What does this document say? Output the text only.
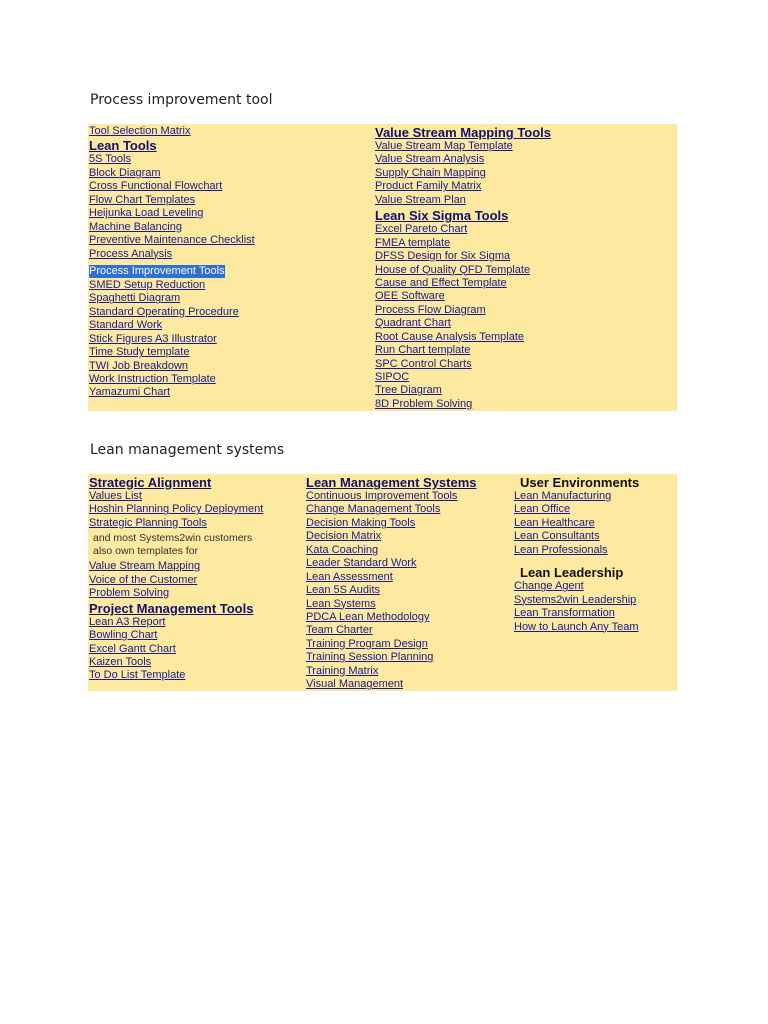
Process improvement tool
Tool Selection Matrix
Lean Tools
5S Tools
Block Diagram
Cross Functional Flowchart
Flow Chart Templates
Heijunka Load Leveling
Machine Balancing
Preventive Maintenance Checklist
Process Analysis
Process Improvement Tools
SMED Setup Reduction
Spaghetti Diagram
Standard Operating Procedure
Standard Work
Stick Figures A3 Illustrator
Time Study template
TWI Job Breakdown
Work Instruction Template
Yamazumi Chart
Value Stream Mapping Tools
Value Stream Map Template
Value Stream Analysis
Supply Chain Mapping
Product Family Matrix
Value Stream Plan
Lean Six Sigma Tools
Excel Pareto Chart
FMEA template
DFSS Design for Six Sigma
House of Quality QFD Template
Cause and Effect Template
OEE Software
Process Flow Diagram
Quadrant Chart
Root Cause Analysis Template
Run Chart template
SPC Control Charts
SIPOC
Tree Diagram
8D Problem Solving
Lean management systems
Strategic Alignment
Values List
Hoshin Planning Policy Deployment
Strategic Planning Tools
and most Systems2win customers
also own templates for
Value Stream Mapping
Voice of the Customer
Problem Solving
Project Management Tools
Lean A3 Report
Bowling Chart
Excel Gantt Chart
Kaizen Tools
To Do List Template
Lean Management Systems
Continuous Improvement Tools
Change Management Tools
Decision Making Tools
Decision Matrix
Kata Coaching
Leader Standard Work
Lean Assessment
Lean 5S Audits
Lean Systems
PDCA Lean Methodology
Team Charter
Training Program Design
Training Session Planning
Training Matrix
Visual Management
User Environments
Lean Manufacturing
Lean Office
Lean Healthcare
Lean Consultants
Lean Professionals
Lean Leadership
Change Agent
Systems2win Leadership
Lean Transformation
How to Launch Any Team
